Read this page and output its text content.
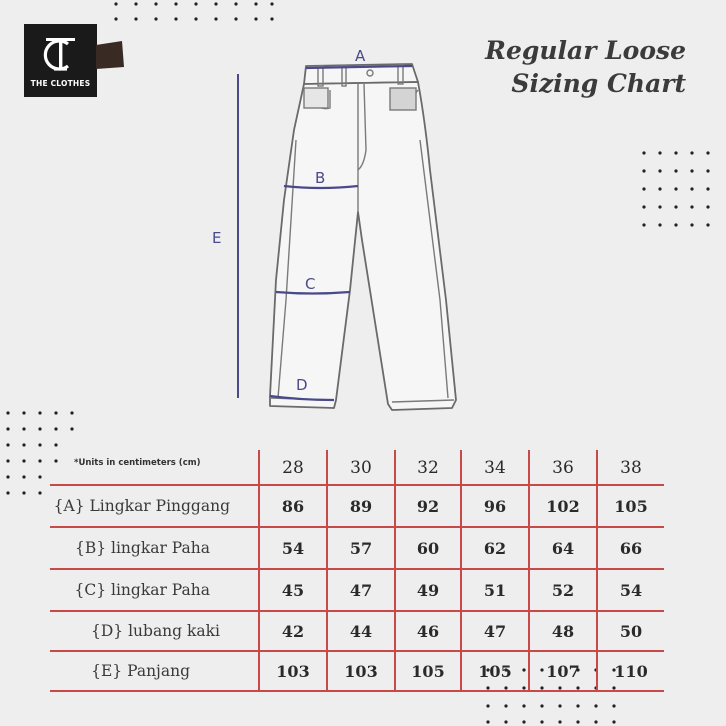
THE CLOTHES
Regular Loose
Sizing Chart
A
B
C
D
E
*Units in centimeters (cm)	28	30	32	34	36	38
{A} Lingkar Pinggang	86	89	92	96	102	105
{B} lingkar Paha	54	57	60	62	64	66
{C} lingkar Paha	45	47	49	51	52	54
{D} lubang kaki	42	44	46	47	48	50
{E} Panjang	103	103	105	105	107	110
